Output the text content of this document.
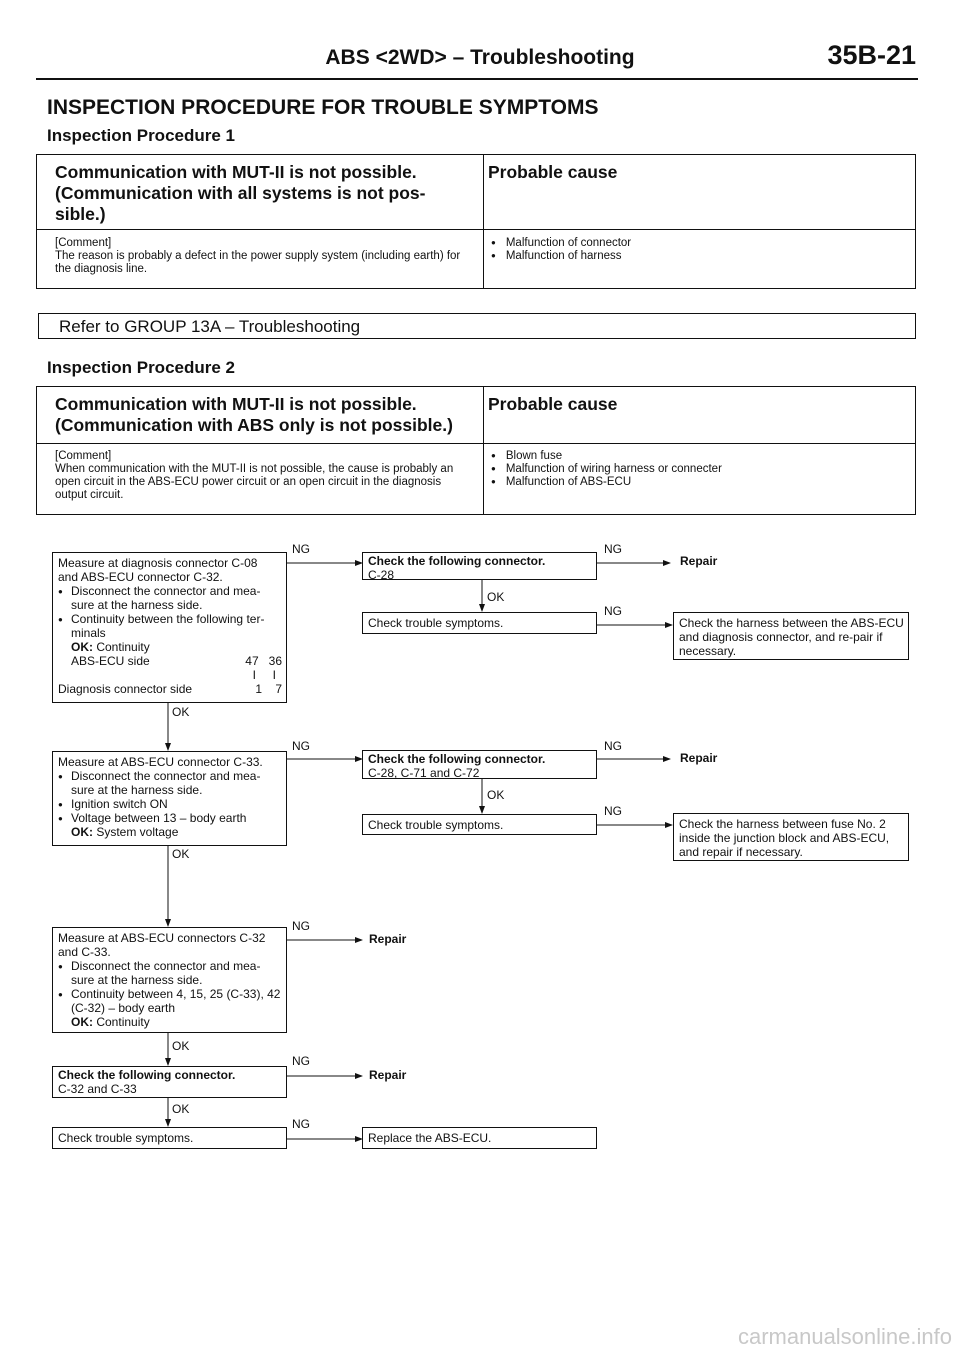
ABS <2WD> – Troubleshooting	35B-21
INSPECTION PROCEDURE FOR TROUBLE SYMPTOMS
Inspection Procedure 1
Communication with MUT-II is not possible.
(Communication with all systems is not pos-
sible.)
Probable cause
[Comment]
The reason is probably a defect in the power supply system (including earth) for the diagnosis line.
● Malfunction of connector
● Malfunction of harness
Refer to GROUP 13A – Troubleshooting
Inspection Procedure 2
Communication with MUT-II is not possible.
(Communication with ABS only is not possible.)
Probable cause
[Comment]
When communication with the MUT-II is not possible, the cause is probably an open circuit in the ABS-ECU power circuit or an open circuit in the diagnosis output circuit.
● Blown fuse
● Malfunction of wiring harness or connecter
● Malfunction of ABS-ECU
Measure at diagnosis connector C-08
and ABS-ECU connector C-32.
● Disconnect the connector and mea-sure at the harness side.
● Continuity between the following ter-minals
OK: Continuity
ABS-ECU side	47   36
I     I
Diagnosis connector side	1    7
NG
Check the following connector.
C-28
NG
Repair
OK
Check trouble symptoms.
NG
Check the harness between the ABS-ECU and diagnosis connector, and re-pair if necessary.
OK
Measure at ABS-ECU connector C-33.
● Disconnect the connector and mea-sure at the harness side.
● Ignition switch ON
● Voltage between 13 – body earth
OK: System voltage
NG
Check the following connector.
C-28, C-71 and C-72
NG
Repair
OK
Check trouble symptoms.
NG
Check the harness between fuse No. 2 inside the junction block and ABS-ECU, and repair if necessary.
OK
Measure at ABS-ECU connectors C-32
and C-33.
● Disconnect the connector and mea-sure at the harness side.
● Continuity between 4, 15, 25 (C-33), 42 (C-32) – body earth
OK: Continuity
NG
Repair
OK
Check the following connector.
C-32 and C-33
NG
Repair
OK
Check trouble symptoms.
NG
Replace the ABS-ECU.
carmanualsonline.info
